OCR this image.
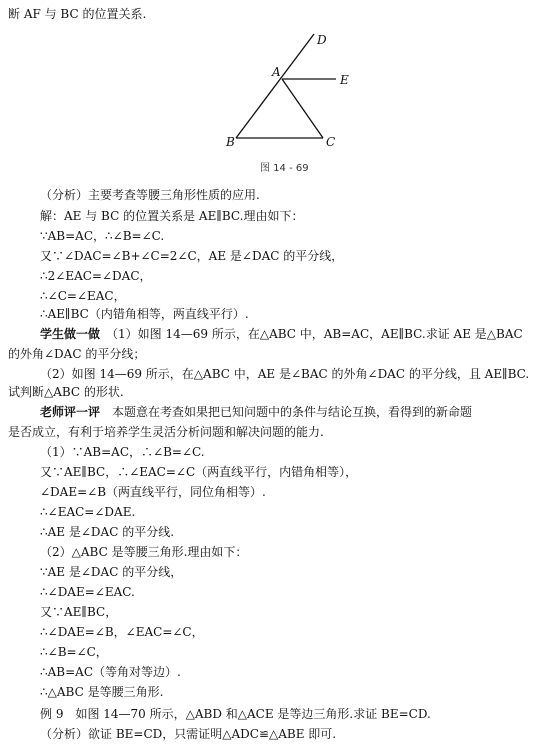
断 AF 与 BC 的位置关系.
D
A
E
B	C
图 14 - 69
（分析）主要考查等腰三角形性质的应用.
解：AE 与 BC 的位置关系是 AE∥BC.理由如下：
∵AB=AC，∴∠B=∠C.
又∵∠DAC=∠B+∠C=2∠C，AE 是∠DAC 的平分线，
∴2∠EAC=∠DAC，
∴∠C=∠EAC，
∴AE∥BC（内错角相等，两直线平行）.
学生做一做　 （1）如图 14—69 所示，在△ABC 中，AB=AC，AE∥BC.求证 AE 是△BAC
的外角∠DAC 的平分线；
（2）如图 14—69 所示，在△ABC 中，AE 是∠BAC 的外角∠DAC 的平分线，且 AE∥BC.
试判断△ABC 的形状.
老师评一评　 本题意在考查如果把已知问题中的条件与结论互换，看得到的新命题
是否成立，有利于培养学生灵活分析问题和解决问题的能力.
（1）∵AB=AC，∴∠B=∠C.
又∵AE∥BC，∴∠EAC=∠C（两直线平行，内错角相等），
∠DAE=∠B（两直线平行，同位角相等）.
∴∠EAC=∠DAE.
∴AE 是∠DAC 的平分线.
（2）△ABC 是等腰三角形.理由如下：
∵AE 是∠DAC 的平分线，
∴∠DAE=∠EAC.
又∵AE∥BC，
∴∠DAE=∠B，∠EAC=∠C，
∴∠B=∠C，
∴AB=AC（等角对等边）.
∴△ABC 是等腰三角形.
例 9　如图 14—70 所示，△ABD 和△ACE 是等边三角形.求证 BE=CD.
（分析）欲证 BE=CD，只需证明△ADC≌△ABE 即可.
